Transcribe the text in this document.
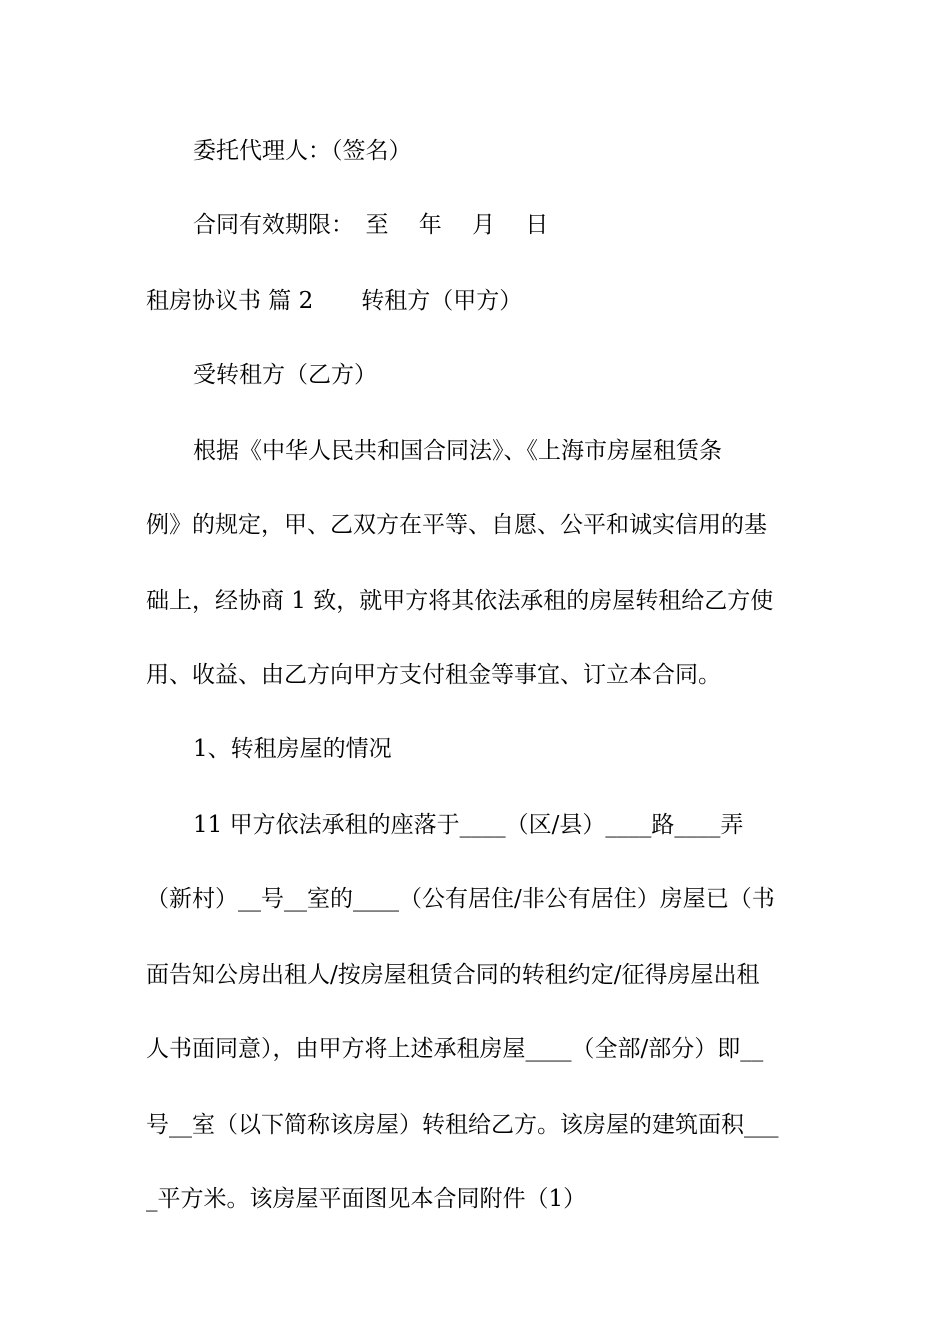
委托代理人：（签名）
合同有效期限：　至　 年　 月　 日
租房协议书 篇 2 转租方（甲方）
受转租方（乙方）
根据《中华人民共和国合同法》、《上海市房屋租赁条
例》的规定，甲、乙双方在平等、自愿、公平和诚实信用的基
础上，经协商 1 致，就甲方将其依法承租的房屋转租给乙方使
用、收益、由乙方向甲方支付租金等事宜、订立本合同。
1、转租房屋的情况
11 甲方依法承租的座落于____（区/县）____路____弄
（新村）__号__室的____（公有居住/非公有居住）房屋已（书
面告知公房出租人/按房屋租赁合同的转租约定/征得房屋出租
人书面同意），由甲方将上述承租房屋____（全部/部分）即__
号__室（以下简称该房屋）转租给乙方。该房屋的建筑面积___
_平方米。该房屋平面图见本合同附件（1）
